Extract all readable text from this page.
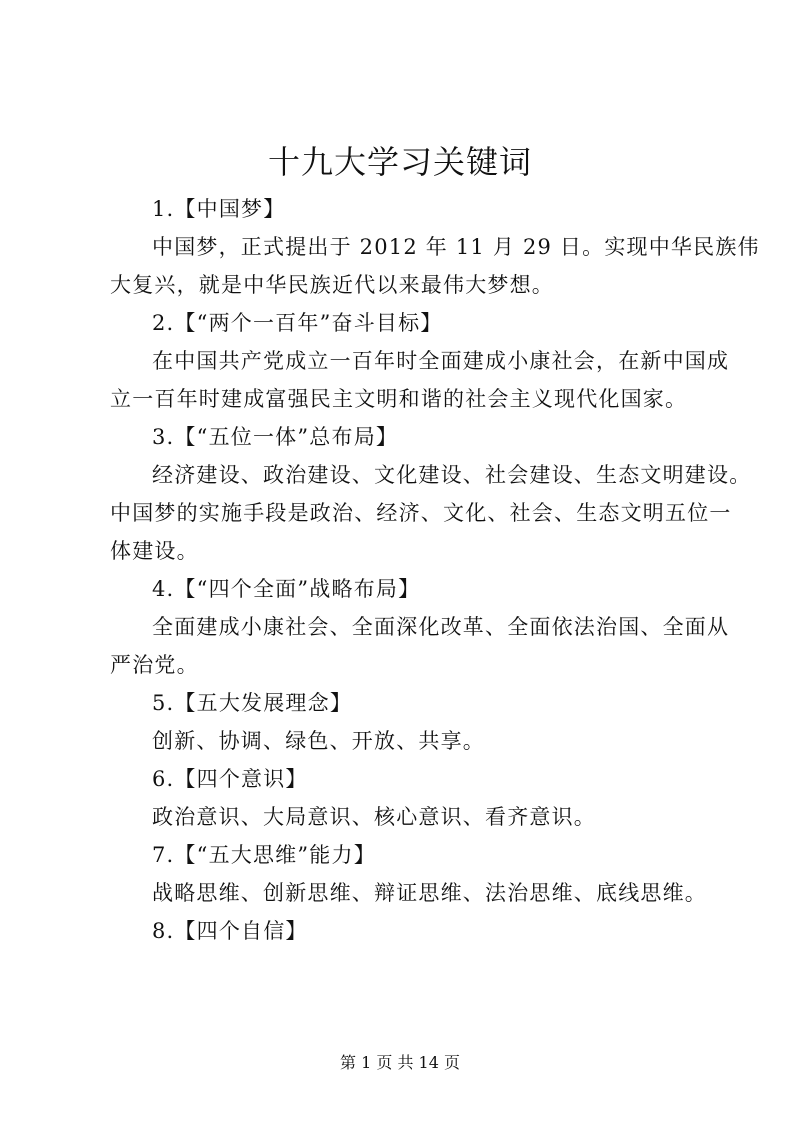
十九大学习关键词
1.【中国梦】
中国梦，正式提出于 2012 年 11 月 29 日。实现中华民族伟
大复兴，就是中华民族近代以来最伟大梦想。
2.【“两个一百年”奋斗目标】
在中国共产党成立一百年时全面建成小康社会，在新中国成
立一百年时建成富强民主文明和谐的社会主义现代化国家。
3.【“五位一体”总布局】
经济建设、政治建设、文化建设、社会建设、生态文明建设。
中国梦的实施手段是政治、经济、文化、社会、生态文明五位一
体建设。
4.【“四个全面”战略布局】
全面建成小康社会、全面深化改革、全面依法治国、全面从
严治党。
5.【五大发展理念】
创新、协调、绿色、开放、共享。
6.【四个意识】
政治意识、大局意识、核心意识、看齐意识。
7.【“五大思维”能力】
战略思维、创新思维、辩证思维、法治思维、底线思维。
8.【四个自信】
第 1 页 共 14 页
